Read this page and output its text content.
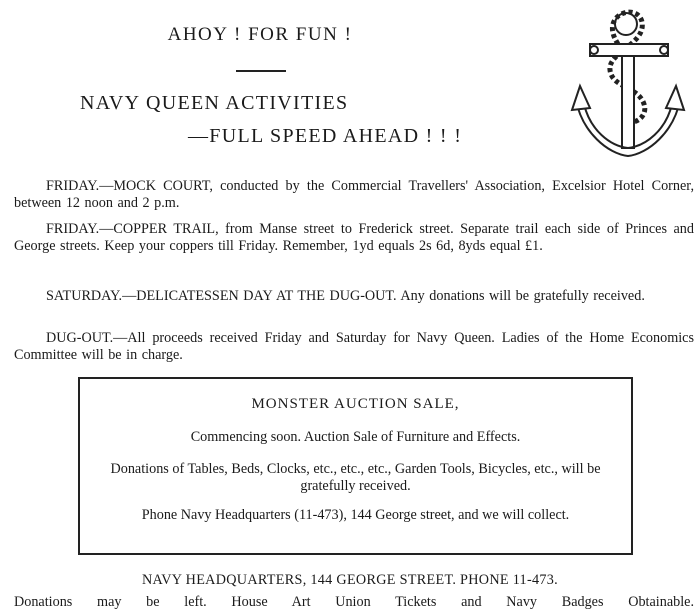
AHOY ! FOR FUN !
NAVY QUEEN ACTIVITIES
—FULL SPEED AHEAD ! ! !
FRIDAY.—MOCK COURT, conducted by the Commercial Travellers' Association, Excelsior Hotel Corner, between 12 noon and 2 p.m.
FRIDAY.—COPPER TRAIL, from Manse street to Frederick street. Separate trail each side of Princes and George streets. Keep your coppers till Friday. Remember, 1yd equals 2s 6d, 8yds equal £1.
SATURDAY.—DELICATESSEN DAY AT THE DUG-OUT. Any donations will be gratefully received.
DUG-OUT.—All proceeds received Friday and Saturday for Navy Queen. Ladies of the Home Economics Committee will be in charge.
MONSTER AUCTION SALE,
Commencing soon. Auction Sale of Furniture and Effects.
Donations of Tables, Beds, Clocks, etc., etc., etc., Garden Tools, Bicycles, etc., will be gratefully received.
Phone Navy Headquarters (11-473), 144 George street, and we will collect.
NAVY HEADQUARTERS, 144 GEORGE STREET. PHONE 11-473.
Donations may be left. House Art Union Tickets and Navy Badges Obtainable.
